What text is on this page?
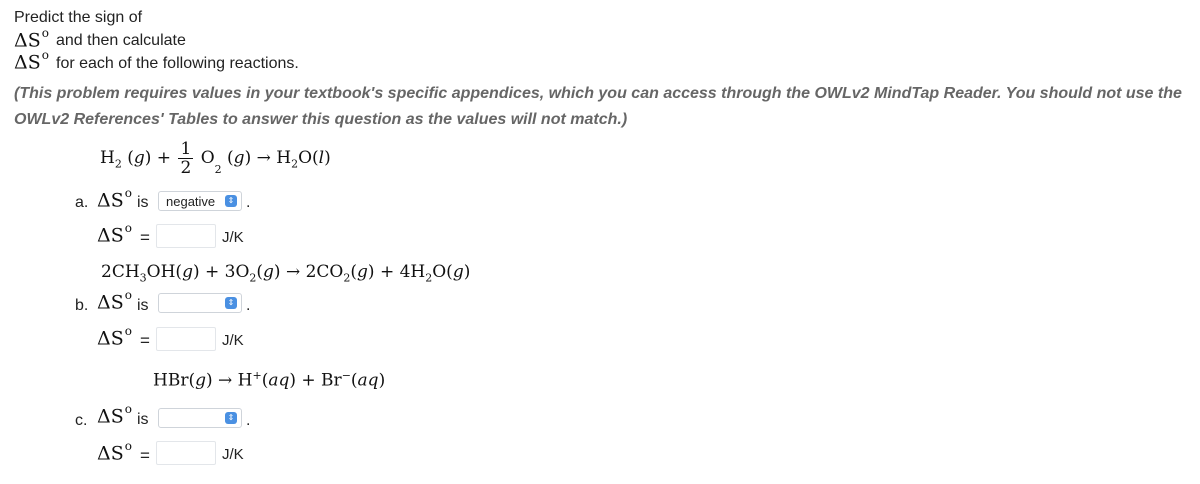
Predict the sign of
$\Delta S^o$ and then calculate
$\Delta S^o$ for each of the following reactions.
(This problem requires values in your textbook's specific appendices, which you can access through the OWLv2 MindTap Reader. You should not use the OWLv2 References' Tables to answer this question as the values will not match.)
$H_2$ $(g) + \frac{1}{2} O_2$ $(g) \to H_2O(l)$
a. $\Delta S^o$
is negative	⇕ .
$\Delta S^o$ =	J/K
$2CH_3OH(g) + 3O_2(g) \to 2CO_2(g) + 4H_2O(g)$
b. $\Delta S^o$
is	⇕ .
$\Delta S^o$ =	J/K
HBr(g) → H+(aq) + Br−(aq)
c. $\Delta S^o$
is	⇕ .
$\Delta S^o$ =	J/K
